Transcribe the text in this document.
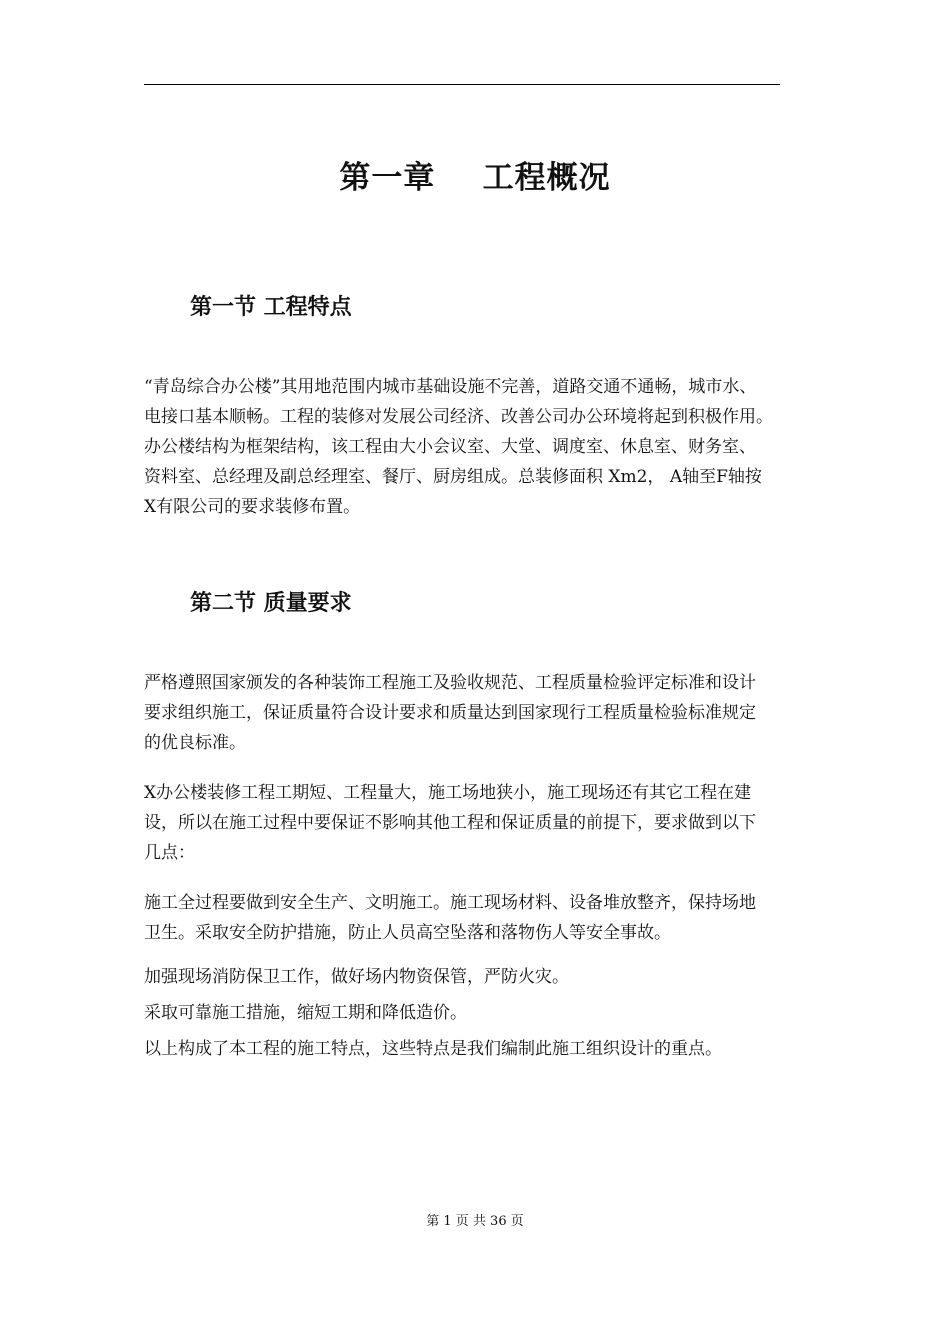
第一章    工程概况
第一节 工程特点

“青岛综合办公楼”其用地范围内城市基础设施不完善，道路交通不通畅，城市水、
电接口基本顺畅。工程的装修对发展公司经济、改善公司办公环境将起到积极作用。
办公楼结构为框架结构，该工程由大小会议室、大堂、调度室、休息室、财务室、
资料室、总经理及副总经理室、餐厅、厨房组成。总装修面积 Xm2， A轴至F轴按
X有限公司的要求装修布置。

第二节 质量要求

严格遵照国家颁发的各种装饰工程施工及验收规范、工程质量检验评定标准和设计
要求组织施工，保证质量符合设计要求和质量达到国家现行工程质量检验标准规定
的优良标准。

X办公楼装修工程工期短、工程量大，施工场地狭小，施工现场还有其它工程在建
设，所以在施工过程中要保证不影响其他工程和保证质量的前提下，要求做到以下
几点：

施工全过程要做到安全生产、文明施工。施工现场材料、设备堆放整齐，保持场地
卫生。采取安全防护措施，防止人员高空坠落和落物伤人等安全事故。

加强现场消防保卫工作，做好场内物资保管，严防火灾。

采取可靠施工措施，缩短工期和降低造价。

以上构成了本工程的施工特点，这些特点是我们编制此施工组织设计的重点。

第 1 页 共 36 页
